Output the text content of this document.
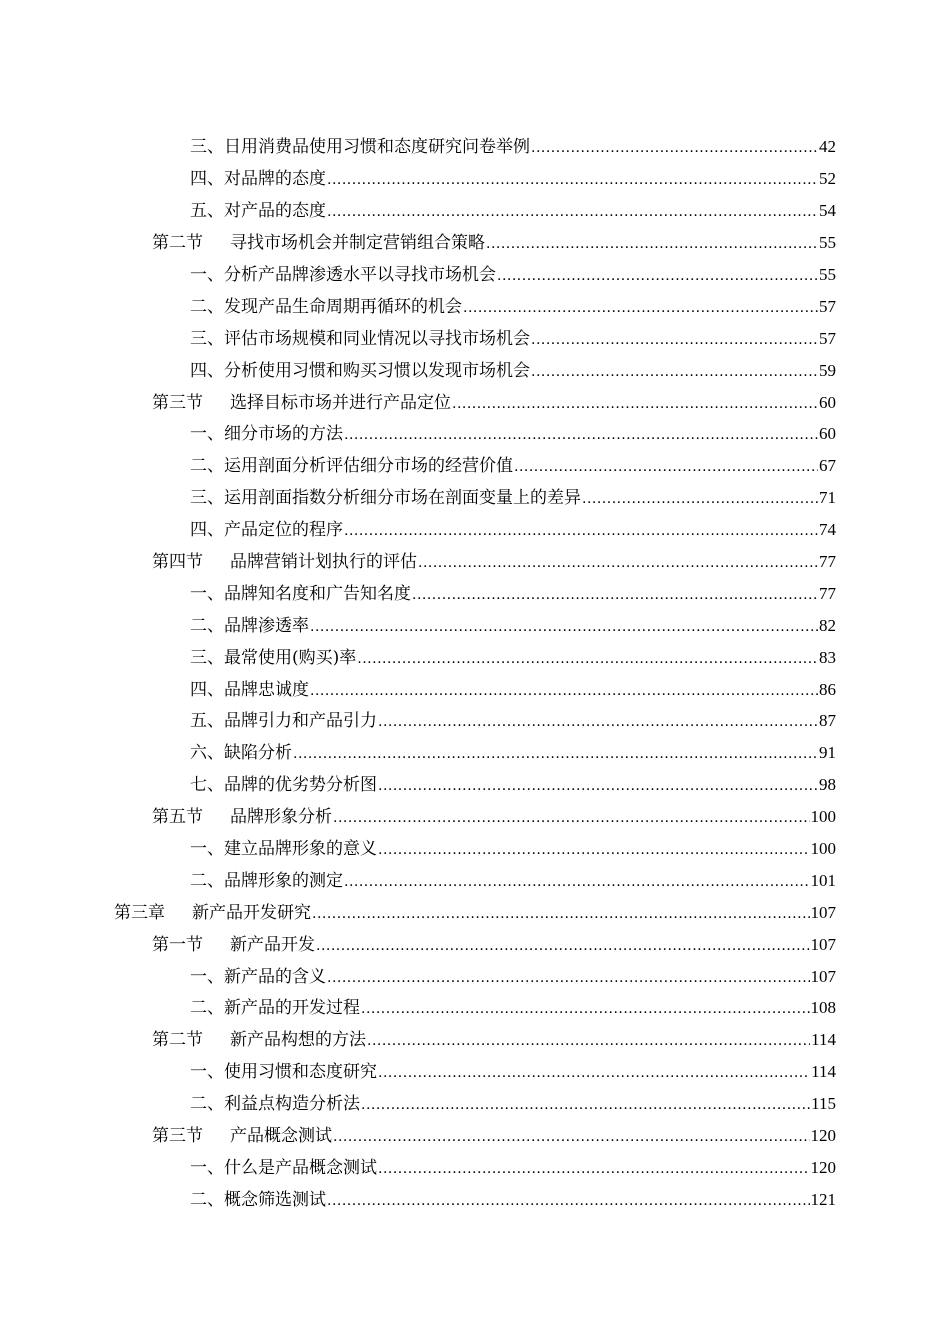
三、日用消费品使用习惯和态度研究问卷举例 .....	42
四、对品牌的态度 .....	52
五、对产品的态度 .....	54
第二节 寻找市场机会并制定营销组合策略 .....	55
一、分析产品牌渗透水平以寻找市场机会 .....	55
二、发现产品生命周期再循环的机会 .....	57
三、评估市场规模和同业情况以寻找市场机会 .....	57
四、分析使用习惯和购买习惯以发现市场机会 .....	59
第三节 选择目标市场并进行产品定位 .....	60
一、细分市场的方法 .....	60
二、运用剖面分析评估细分市场的经营价值 .....	67
三、运用剖面指数分析细分市场在剖面变量上的差异 .....	71
四、产品定位的程序 .....	74
第四节 品牌营销计划执行的评估 .....	77
一、品牌知名度和广告知名度 .....	77
二、品牌渗透率 .....	82
三、最常使用(购买)率 .....	83
四、品牌忠诚度 .....	86
五、品牌引力和产品引力 .....	87
六、缺陷分析 .....	91
七、品牌的优劣势分析图 .....	98
第五节 品牌形象分析 .....	100
一、建立品牌形象的意义 .....	100
二、品牌形象的测定 .....	101
第三章 新产品开发研究 .....	107
第一节 新产品开发 .....	107
一、新产品的含义 .....	107
二、新产品的开发过程 .....	108
第二节 新产品构想的方法 .....	114
一、使用习惯和态度研究 .....	114
二、利益点构造分析法 .....	115
第三节 产品概念测试 .....	120
一、什么是产品概念测试 .....	120
二、概念筛选测试 .....	121
